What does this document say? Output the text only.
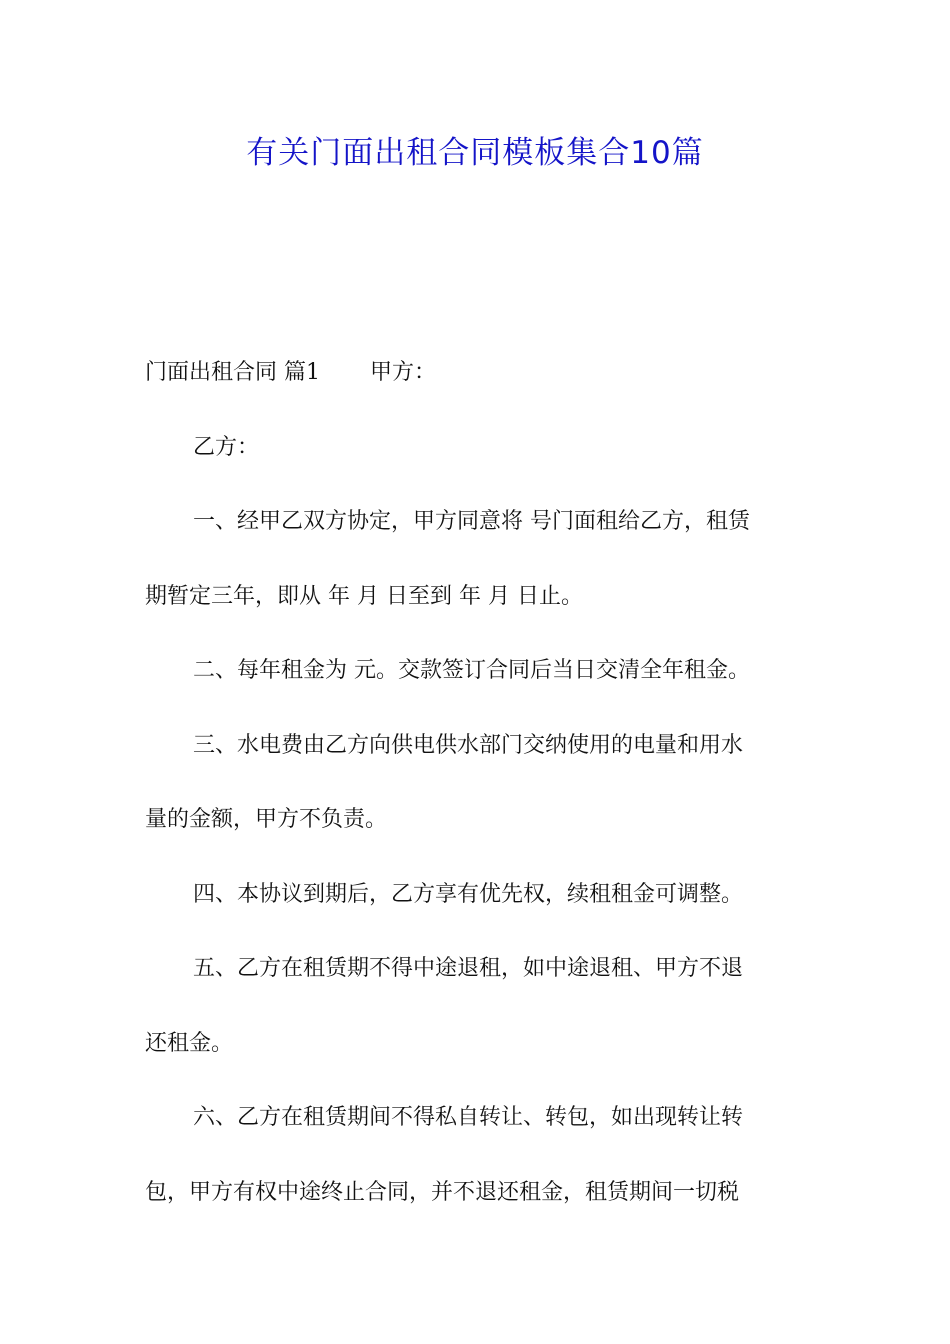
有关门面出租合同模板集合10篇
门面出租合同 篇1 甲方：
乙方：
一、经甲乙双方协定，甲方同意将 号门面租给乙方，租赁
期暂定三年，即从 年 月 日至到 年 月 日止。
二、每年租金为 元。交款签订合同后当日交清全年租金。
三、水电费由乙方向供电供水部门交纳使用的电量和用水
量的金额，甲方不负责。
四、本协议到期后，乙方享有优先权，续租租金可调整。
五、乙方在租赁期不得中途退租，如中途退租、甲方不退
还租金。
六、乙方在租赁期间不得私自转让、转包，如出现转让转
包，甲方有权中途终止合同，并不退还租金，租赁期间一切税
